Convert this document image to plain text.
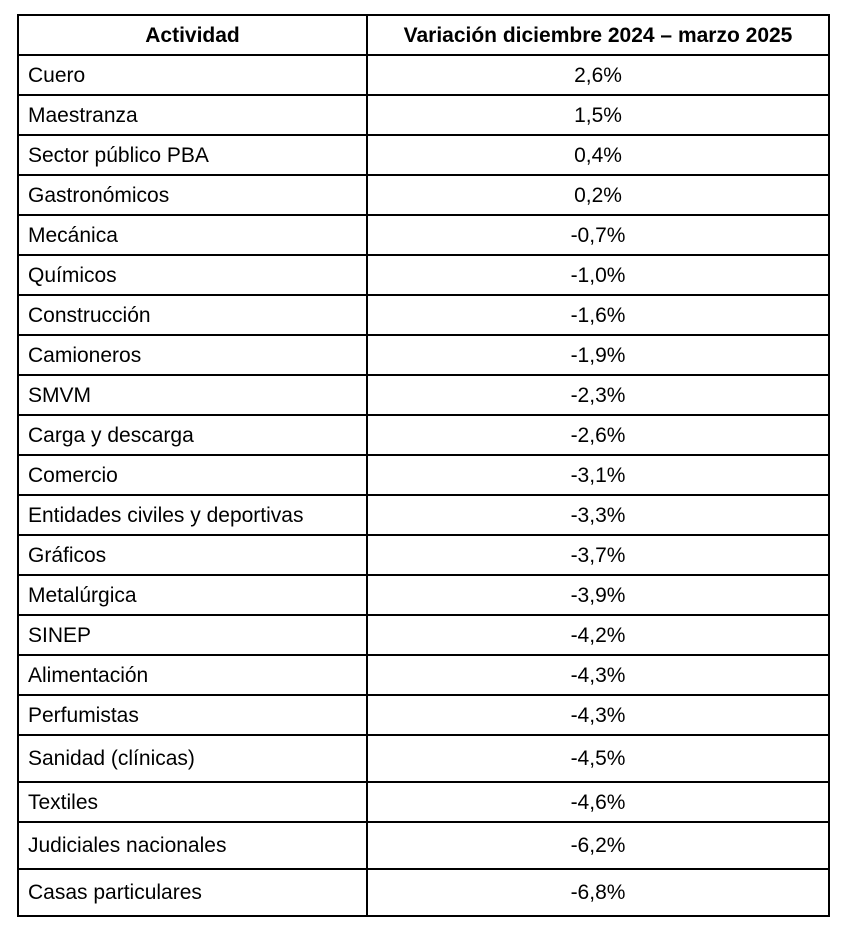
Actividad	Variación diciembre 2024 – marzo 2025
Cuero	2,6%
Maestranza	1,5%
Sector público PBA	0,4%
Gastronómicos	0,2%
Mecánica	-0,7%
Químicos	-1,0%
Construcción	-1,6%
Camioneros	-1,9%
SMVM	-2,3%
Carga y descarga	-2,6%
Comercio	-3,1%
Entidades civiles y deportivas	-3,3%
Gráficos	-3,7%
Metalúrgica	-3,9%
SINEP	-4,2%
Alimentación	-4,3%
Perfumistas	-4,3%
Sanidad (clínicas)	-4,5%
Textiles	-4,6%
Judiciales nacionales	-6,2%
Casas particulares	-6,8%
